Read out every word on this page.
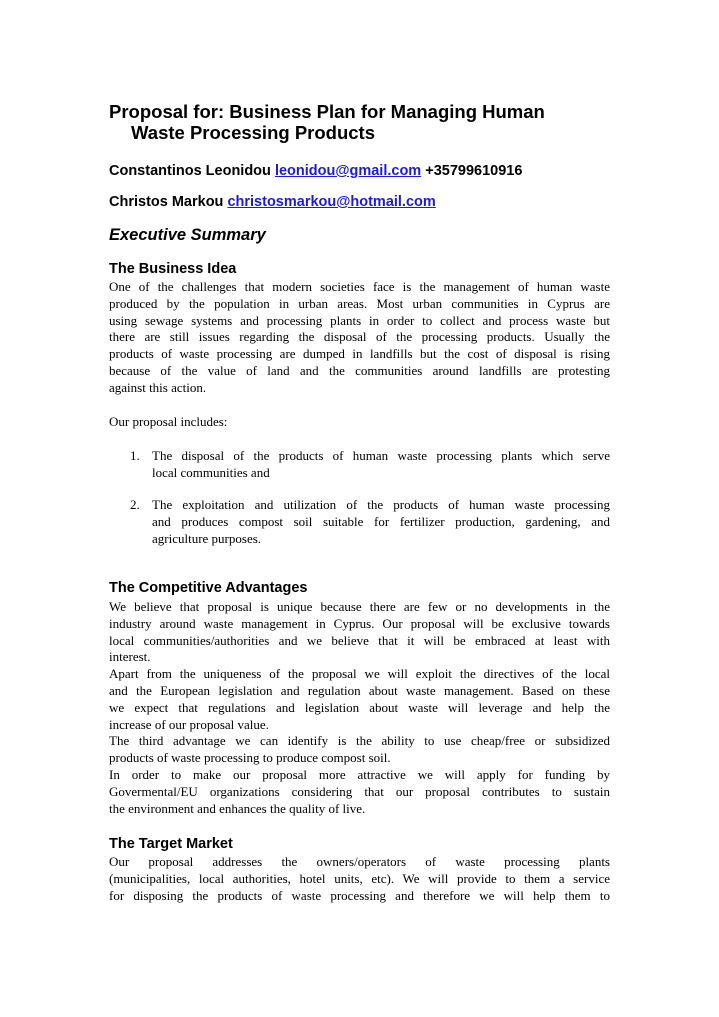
Proposal for: Business Plan for Managing Human
Waste Processing Products
Constantinos Leonidou leonidou@gmail.com +35799610916
Christos Markou christosmarkou@hotmail.com
Executive Summary
The Business Idea
One of the challenges that modern societies face is the management of human waste
produced by the population in urban areas. Most urban communities in Cyprus are
using sewage systems and processing plants in order to collect and process waste but
there are still issues regarding the disposal of the processing products. Usually the
products of waste processing are dumped in landfills but the cost of disposal is rising
because of the value of land and the communities around landfills are protesting
against this action.
Our proposal includes:
1. The disposal of the products of human waste processing plants which serve
local communities and
2. The exploitation and utilization of the products of human waste processing
and produces compost soil suitable for fertilizer production, gardening, and
agriculture purposes.
The Competitive Advantages
We believe that proposal is unique because there are few or no developments in the
industry around waste management in Cyprus. Our proposal will be exclusive towards
local communities/authorities and we believe that it will be embraced at least with
interest.
Apart from the uniqueness of the proposal we will exploit the directives of the local
and the European legislation and regulation about waste management. Based on these
we expect that regulations and legislation about waste will leverage and help the
increase of our proposal value.
The third advantage we can identify is the ability to use cheap/free or subsidized
products of waste processing to produce compost soil.
In order to make our proposal more attractive we will apply for funding by
Govermental/EU organizations considering that our proposal contributes to sustain
the environment and enhances the quality of live.
The Target Market
Our proposal addresses the owners/operators of waste processing plants
(municipalities, local authorities, hotel units, etc). We will provide to them a service
for disposing the products of waste processing and therefore we will help them to
